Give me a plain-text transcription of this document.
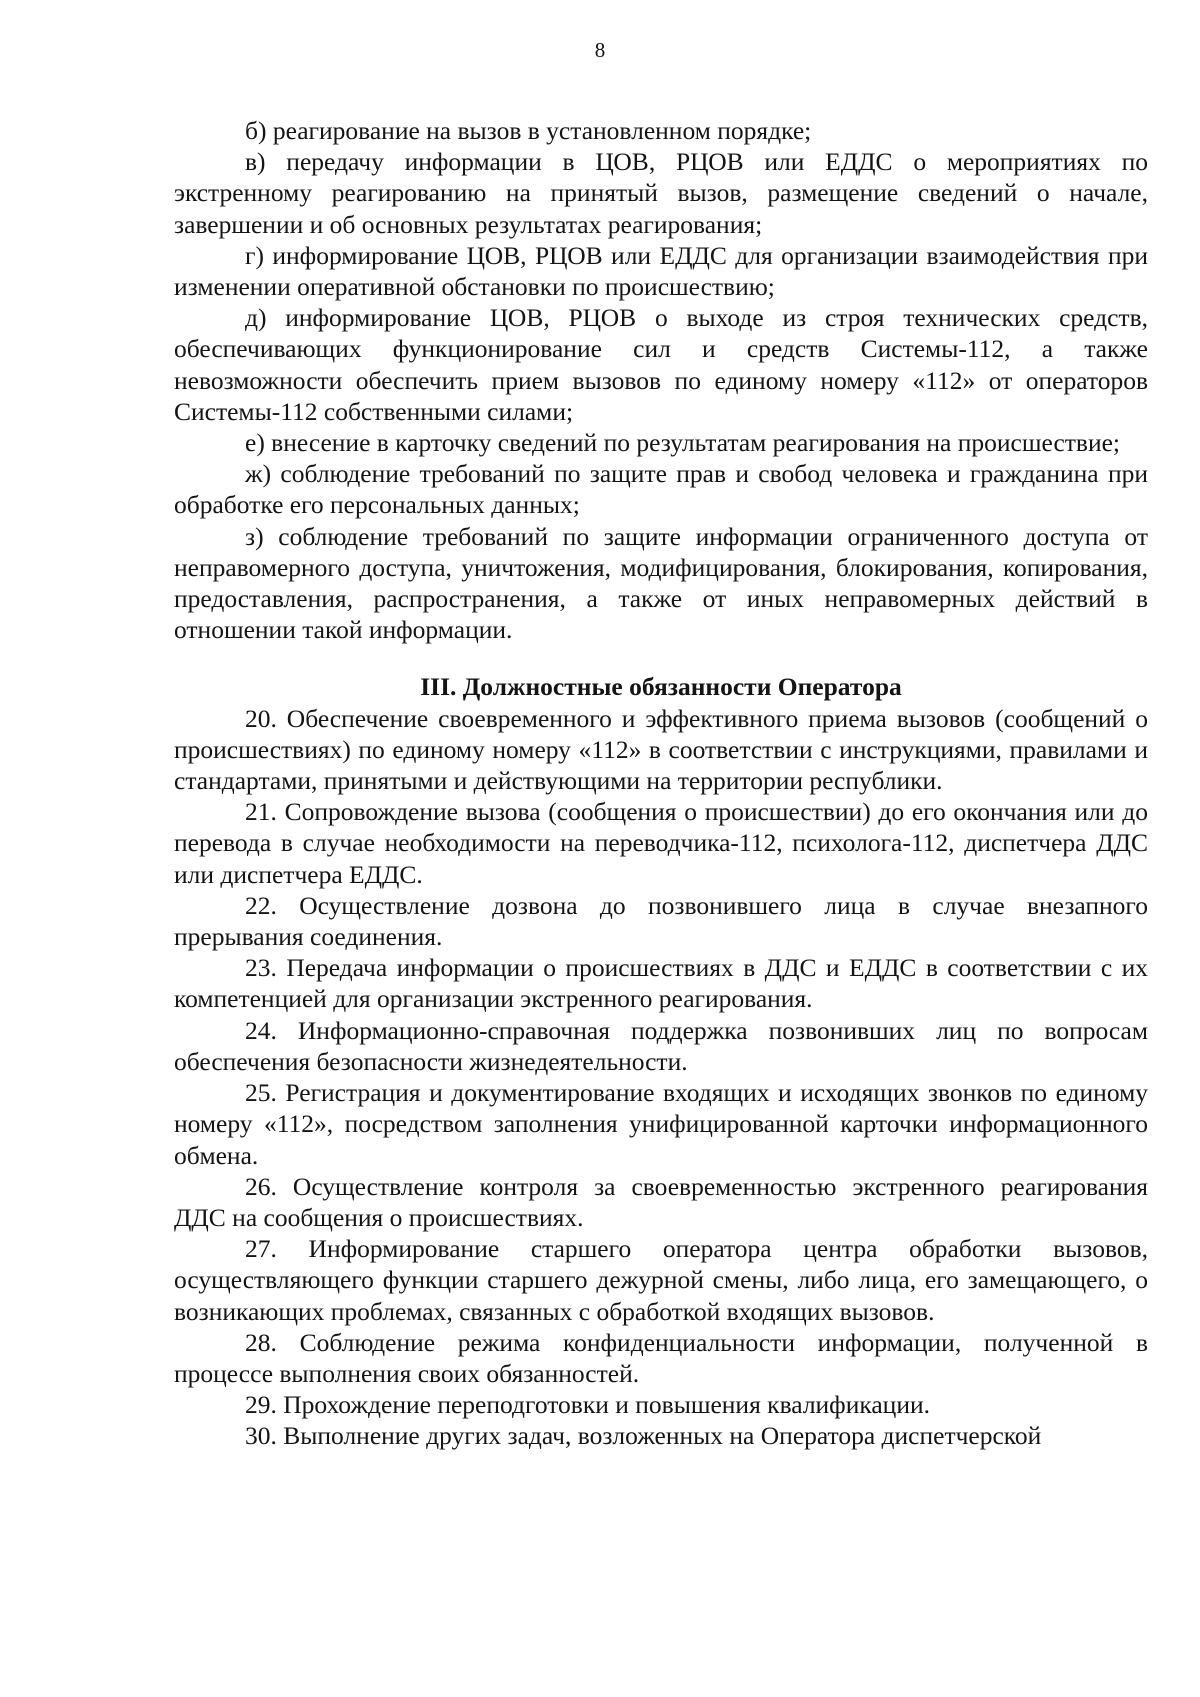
8

б) реагирование на вызов в установленном порядке;

в) передачу информации в ЦОВ, РЦОВ или ЕДДС о мероприятиях по экстренному реагированию на принятый вызов, размещение сведений о начале, завершении и об основных результатах реагирования;

г) информирование ЦОВ, РЦОВ или ЕДДС для организации взаимодействия при изменении оперативной обстановки по происшествию;

д) информирование ЦОВ, РЦОВ о выходе из строя технических средств, обеспечивающих функционирование сил и средств Системы-112, а также невозможности обеспечить прием вызовов по единому номеру «112» от операторов Системы-112 собственными силами;

е) внесение в карточку сведений по результатам реагирования на происшествие;

ж) соблюдение требований по защите прав и свобод человека и гражданина при обработке его персональных данных;

з) соблюдение требований по защите информации ограниченного доступа от неправомерного доступа, уничтожения, модифицирования, блокирования, копирования, предоставления, распространения, а также от иных неправомерных действий в отношении такой информации.

III. Должностные обязанности Оператора

20. Обеспечение своевременного и эффективного приема вызовов (сообщений о происшествиях) по единому номеру «112» в соответствии с инструкциями, правилами и стандартами, принятыми и действующими на территории республики.

21. Сопровождение вызова (сообщения о происшествии) до его окончания или до перевода в случае необходимости на переводчика-112, психолога-112, диспетчера ДДС или диспетчера ЕДДС.

22. Осуществление дозвона до позвонившего лица в случае внезапного прерывания соединения.

23. Передача информации о происшествиях в ДДС и ЕДДС в соответствии с их компетенцией для организации экстренного реагирования.

24. Информационно-справочная поддержка позвонивших лиц по вопросам обеспечения безопасности жизнедеятельности.

25. Регистрация и документирование входящих и исходящих звонков по единому номеру «112», посредством заполнения унифицированной карточки информационного обмена.

26. Осуществление контроля за своевременностью экстренного реагирования ДДС на сообщения о происшествиях.

27. Информирование старшего оператора центра обработки вызовов, осуществляющего функции старшего дежурной смены, либо лица, его замещающего, о возникающих проблемах, связанных с обработкой входящих вызовов.

28. Соблюдение режима конфиденциальности информации, полученной в процессе выполнения своих обязанностей.

29. Прохождение переподготовки и повышения квалификации.

30. Выполнение других задач, возложенных на Оператора диспетчерской
